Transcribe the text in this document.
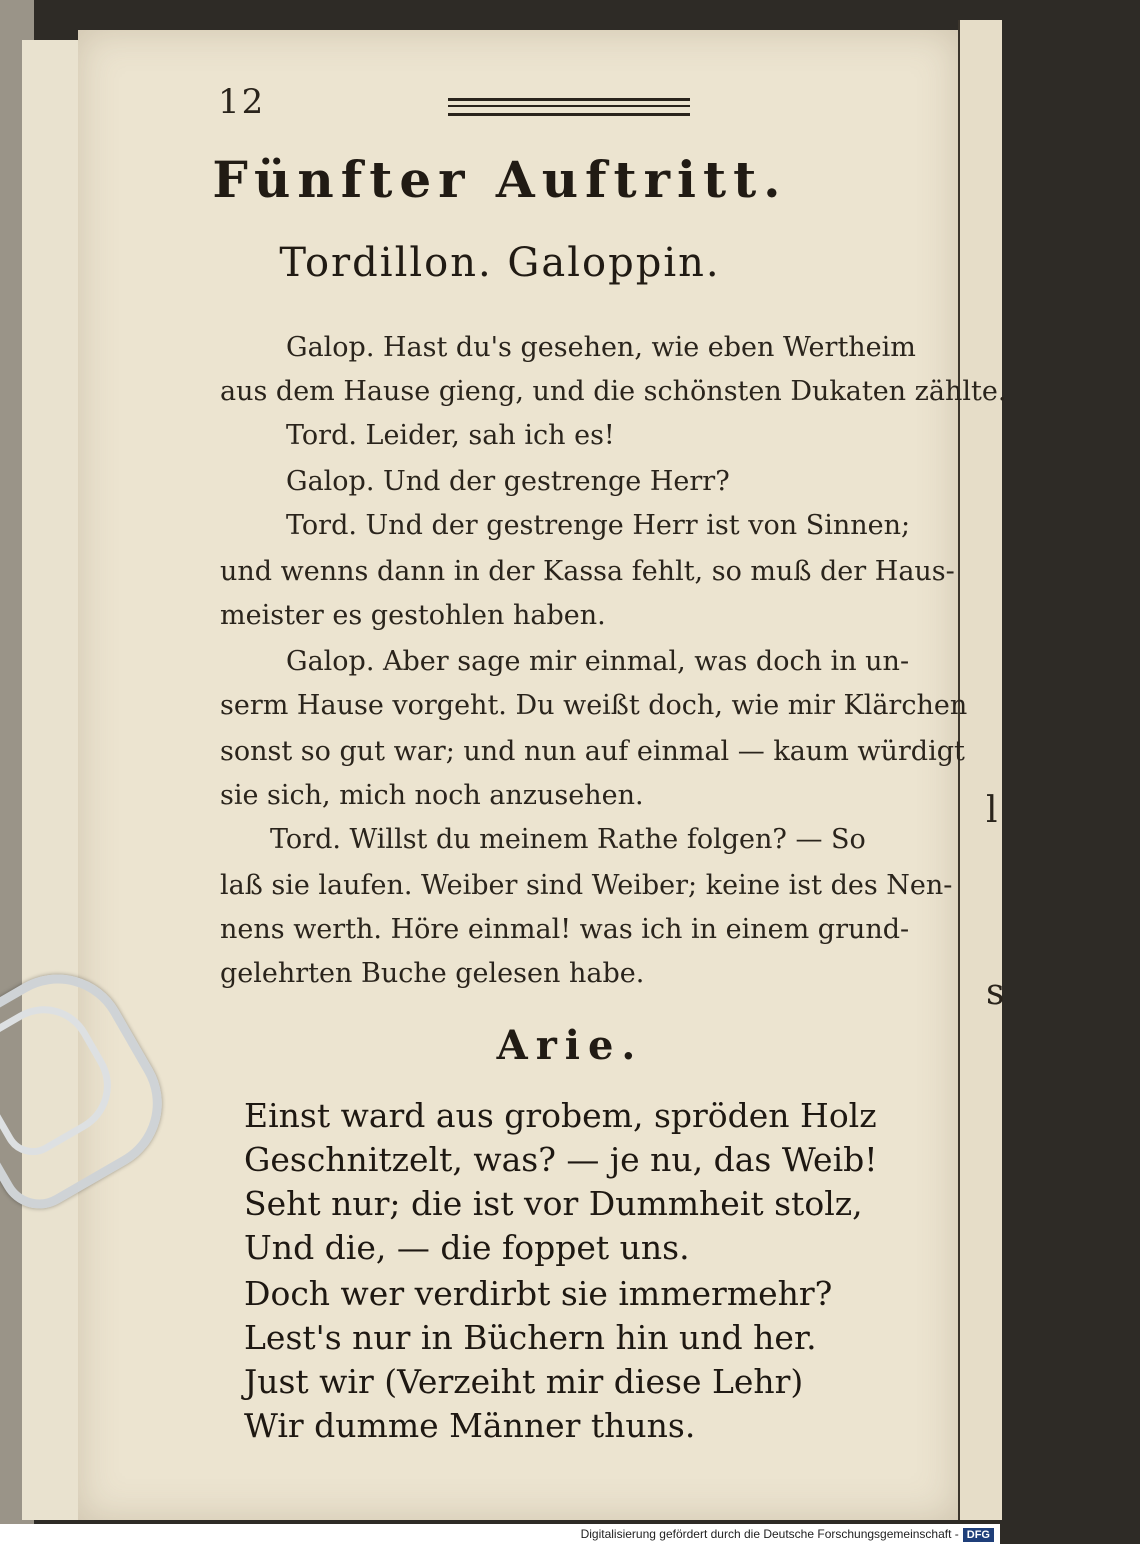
l
s
12
Fünfter Auftritt.
Tordillon. Galoppin.
Galop. Hast du's gesehen, wie eben Wertheim
aus dem Hause gieng, und die schönsten Dukaten zählte.
Tord. Leider, sah ich es!
Galop. Und der gestrenge Herr?
Tord. Und der gestrenge Herr ist von Sinnen;
und wenns dann in der Kassa fehlt, so muß der Haus-
meister es gestohlen haben.
Galop. Aber sage mir einmal, was doch in un-
serm Hause vorgeht. Du weißt doch, wie mir Klärchen
sonst so gut war; und nun auf einmal — kaum würdigt
sie sich, mich noch anzusehen.
Tord. Willst du meinem Rathe folgen? — So
laß sie laufen. Weiber sind Weiber; keine ist des Nen-
nens werth. Höre einmal! was ich in einem grund-
gelehrten Buche gelesen habe.
Arie.
Einst ward aus grobem, spröden Holz
Geschnitzelt, was? — je nu, das Weib!
Seht nur; die ist vor Dummheit stolz,
Und die, — die foppet uns.
Doch wer verdirbt sie immermehr?
Lest's nur in Büchern hin und her.
Just wir (Verzeiht mir diese Lehr)
Wir dumme Männer thuns.
Digitalisierung gefördert durch die Deutsche Forschungsgemeinschaft - DFG
